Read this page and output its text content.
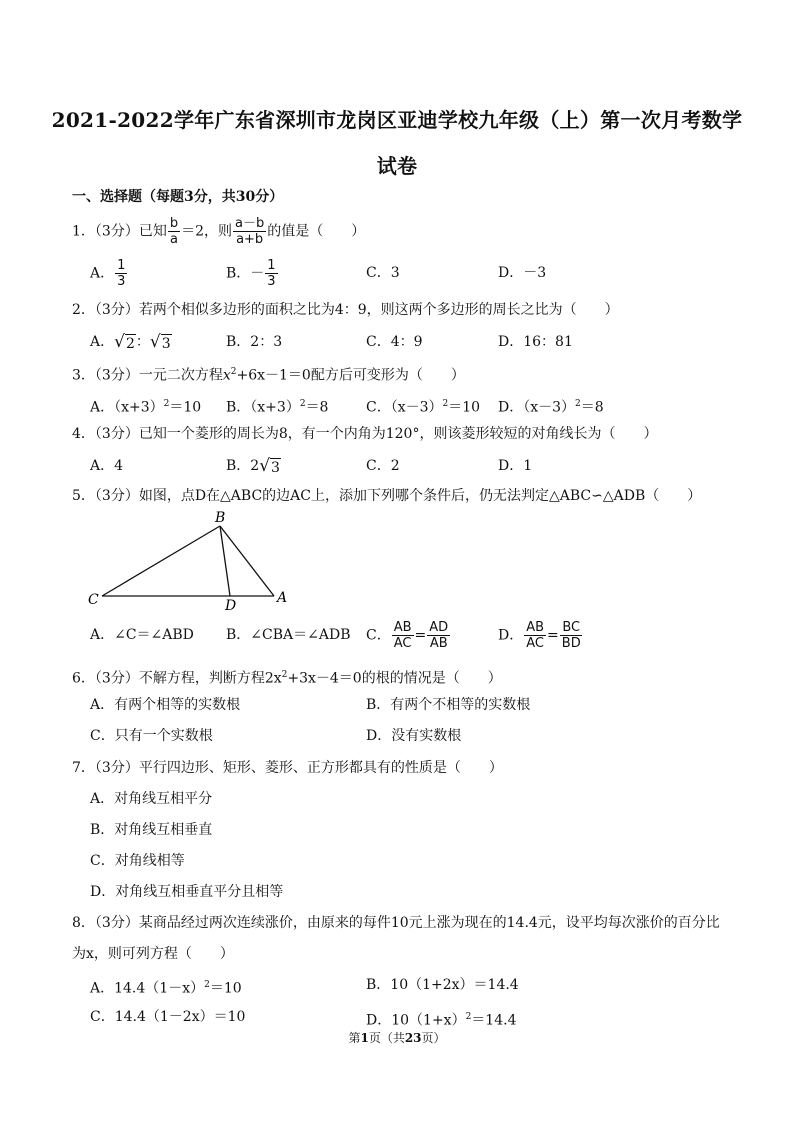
2021-2022学年广东省深圳市龙岗区亚迪学校九年级（上）第一次月考数学
试卷
一、选择题（每题3分，共30分）
1．（3分）已知 $\frac{b}{a} =2$，则 $\frac{a-b}{a+b}$ 的值是（　　）
A． $\frac{1}{3}$	B．－ $\frac{1}{3}$	C．3	D．－3
2．（3分）若两个相似多边形的面积之比为4：9，则这两个多边形的周长之比为（　　）
A． √ 2 ： √ 3	B．2：3	C．4：9	D．16：81
3．（3分）一元二次方程$x^2+6x-1=0$配方后可变形为（　　）
A．$(x+3)^2=10$ B．$(x+3)^2=8$	C．$(x-3)^2=10$ D．$(x-3)^2=8$
4．（3分）已知一个菱形的周长为8，有一个内角为120°，则该菱形较短的对角线长为（　　）
A．4	B．2 √ 3	C．2	D．1
5．（3分）如图，点D在△ABC的边AC上，添加下列哪个条件后，仍无法判定△ABC∽△ADB（　　）
B
C	D	A
A．∠C＝∠ABD B．∠CBA＝∠ADB C． $\frac{AB}{AC} = \frac{AD}{AB}$	D． $\frac{AB}{AC} = \frac{BC}{BD}$
6．（3分）不解方程，判断方程$2x^2+3x-4=0$的根的情况是（　　）
A．有两个相等的实数根	B．有两个不相等的实数根
C．只有一个实数根	D．没有实数根
7．（3分）平行四边形、矩形、菱形、正方形都具有的性质是（　　）
A．对角线互相平分
B．对角线互相垂直
C．对角线相等
D．对角线互相垂直平分且相等
8．（3分）某商品经过两次连续涨价，由原来的每件10元上涨为现在的14.4元，设平均每次涨价的百分比
为x，则可列方程（　　）
A．$14.4(1-x)^2=10$	B．10（1+2x）＝14.4
C．14.4（1－2x）＝10	D．$10(1+x)^2=14.4$
第1页（共23页）
